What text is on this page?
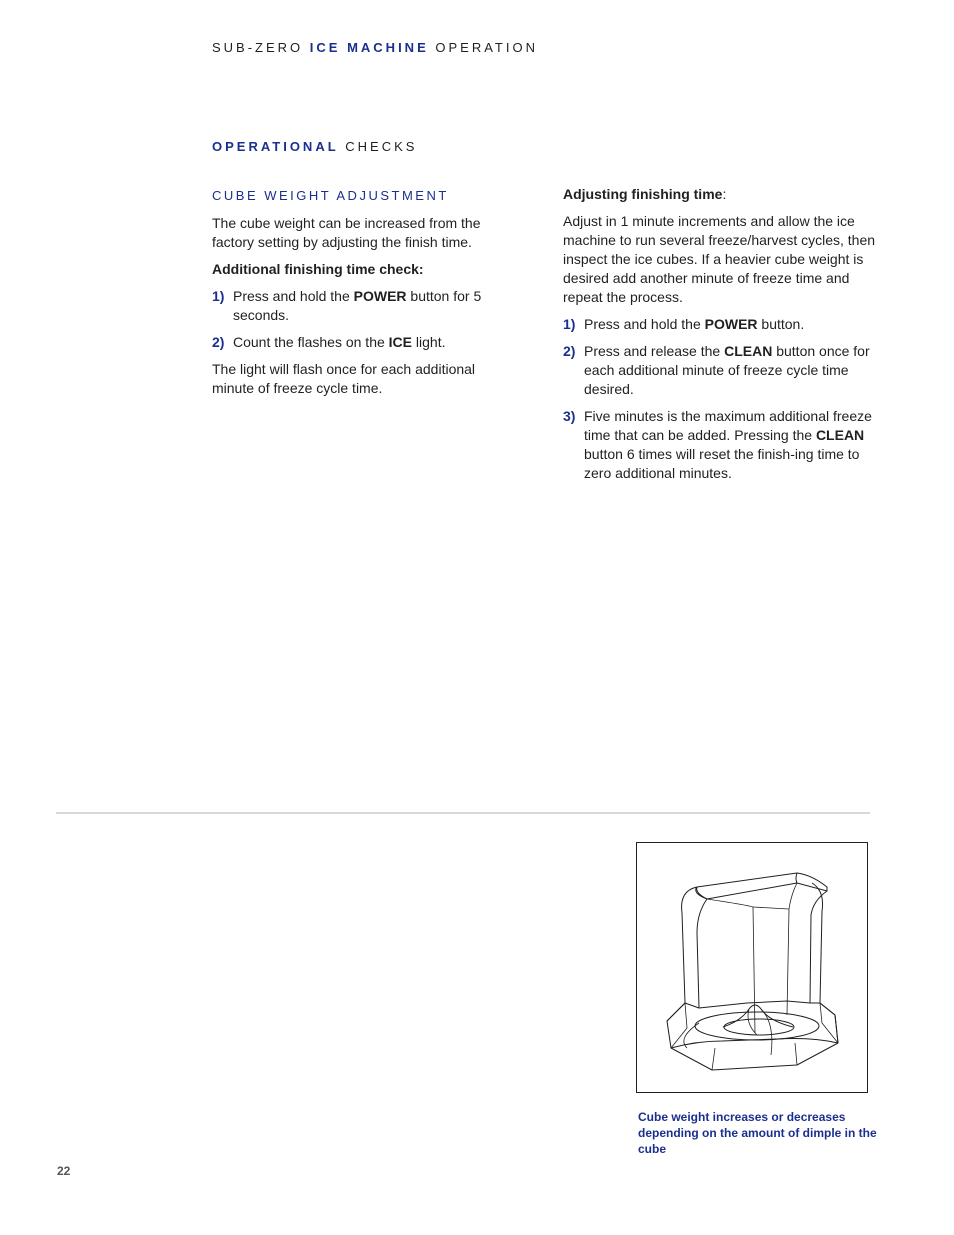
SUB-ZERO ICE MACHINE OPERATION
OPERATIONAL CHECKS
CUBE WEIGHT ADJUSTMENT

The cube weight can be increased from the factory setting by adjusting the finish time.

Additional finishing time check:

1) Press and hold the POWER button for 5 seconds.

2) Count the flashes on the ICE light.

The light will flash once for each additional minute of freeze cycle time.

Adjusting finishing time:

Adjust in 1 minute increments and allow the ice machine to run several freeze/harvest cycles, then inspect the ice cubes. If a heavier cube weight is desired add another minute of freeze time and repeat the process.

1) Press and hold the POWER button.

2) Press and release the CLEAN button once for each additional minute of freeze cycle time desired.

3) Five minutes is the maximum additional freeze time that can be added. Pressing the CLEAN button 6 times will reset the finish-ing time to zero additional minutes.

Cube weight increases or decreases depending on the amount of dimple in the cube
22
